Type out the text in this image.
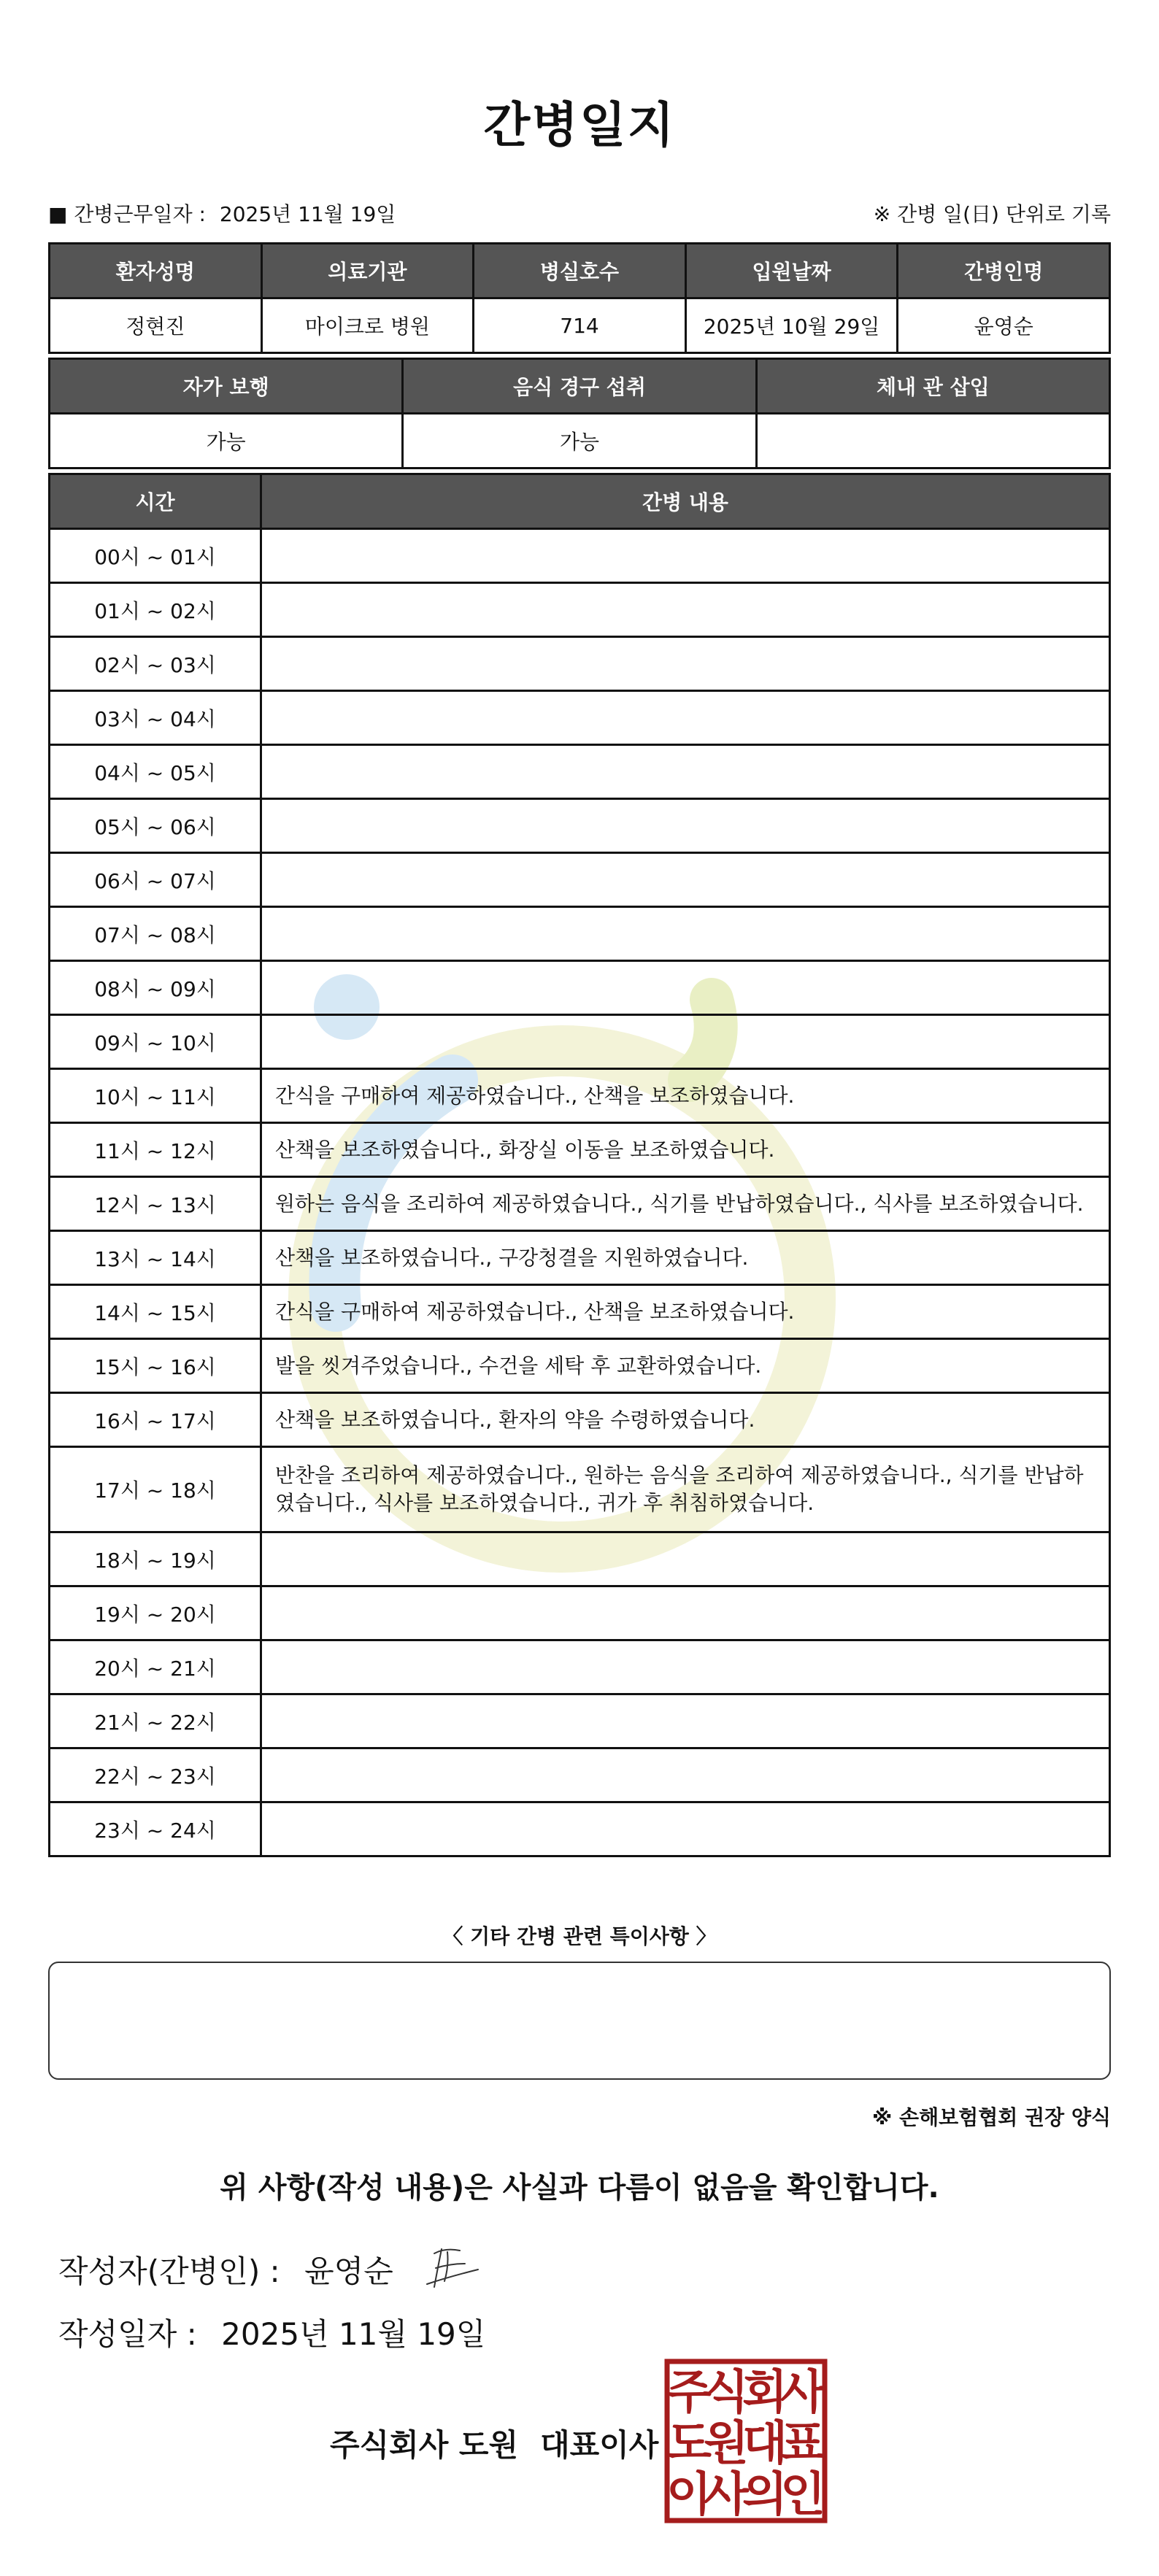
간병일지
■ 간병근무일자 : 2025년 11월 19일	※ 간병 일(日) 단위로 기록
환자성명	의료기관	병실호수	입원날짜	간병인명
정현진	마이크로 병원	714	2025년 10월 29일	윤영순
자가 보행	음식 경구 섭취	체내 관 삽입
가능	가능	
시간	간병 내용
00시 ~ 01시	
01시 ~ 02시	
02시 ~ 03시	
03시 ~ 04시	
04시 ~ 05시	
05시 ~ 06시	
06시 ~ 07시	
07시 ~ 08시	
08시 ~ 09시	
09시 ~ 10시	
10시 ~ 11시	간식을 구매하여 제공하였습니다., 산책을 보조하였습니다.
11시 ~ 12시	산책을 보조하였습니다., 화장실 이동을 보조하였습니다.
12시 ~ 13시	원하는 음식을 조리하여 제공하였습니다., 식기를 반납하였습니다., 식사를 보조하였습니다.
13시 ~ 14시	산책을 보조하였습니다., 구강청결을 지원하였습니다.
14시 ~ 15시	간식을 구매하여 제공하였습니다., 산책을 보조하였습니다.
15시 ~ 16시	발을 씻겨주었습니다., 수건을 세탁 후 교환하였습니다.
16시 ~ 17시	산책을 보조하였습니다., 환자의 약을 수령하였습니다.
17시 ~ 18시	반찬을 조리하여 제공하였습니다., 원하는 음식을 조리하여 제공하였습니다., 식기를 반납하였습니다., 식사를 보조하였습니다., 귀가 후 취침하였습니다.
18시 ~ 19시	
19시 ~ 20시	
20시 ~ 21시	
21시 ~ 22시	
22시 ~ 23시	
23시 ~ 24시	
〈 기타 간병 관련 특이사항 〉
※ 손해보험협회 권장 양식
위 사항(작성 내용)은 사실과 다름이 없음을 확인합니다.
작성자(간병인) : 윤영순
작성일자 : 2025년 11월 19일
주식회사 도원 대표이사
주
식
회
사
도
원
대
표
이
사
의
인
